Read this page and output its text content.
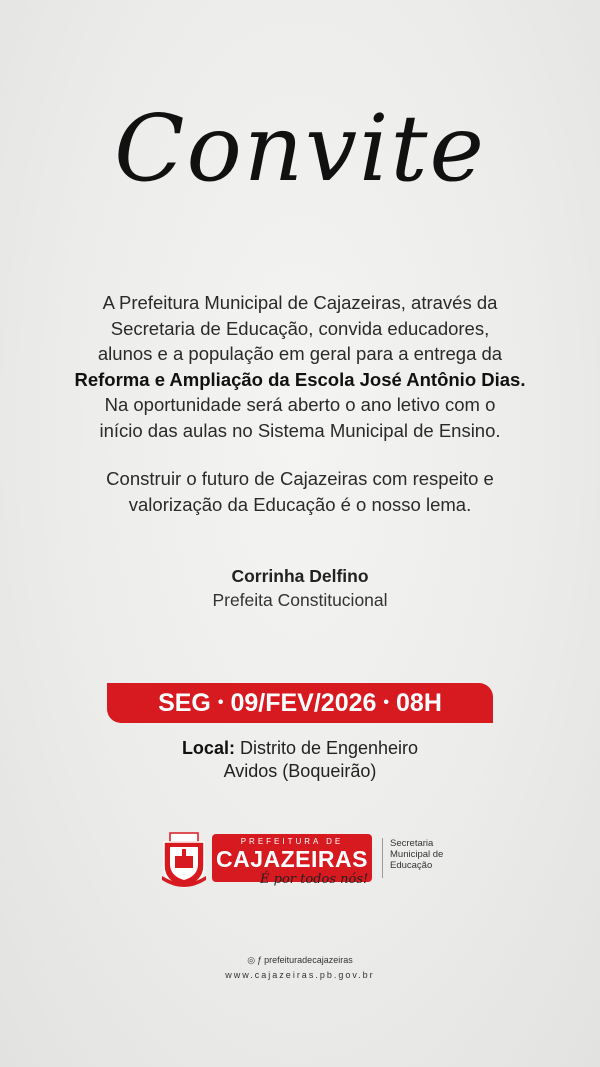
Convite
A Prefeitura Municipal de Cajazeiras, através da
Secretaria de Educação, convida educadores,
alunos e a população em geral para a entrega da
Reforma e Ampliação da Escola José Antônio Dias.
Na oportunidade será aberto o ano letivo com o
início das aulas no Sistema Municipal de Ensino.
Construir o futuro de Cajazeiras com respeito e
valorização da Educação é o nosso lema.
Corrinha Delfino
Prefeita Constitucional
SEG • 09/FEV/2026 • 08H
Local: Distrito de Engenheiro
Avidos (Boqueirão)
PREFEITURA DE
CAJAZEIRAS
É por todos nós!
Secretaria
Municipal de
Educação
◎ ƒ prefeituradecajazeiras
www.cajazeiras.pb.gov.br
